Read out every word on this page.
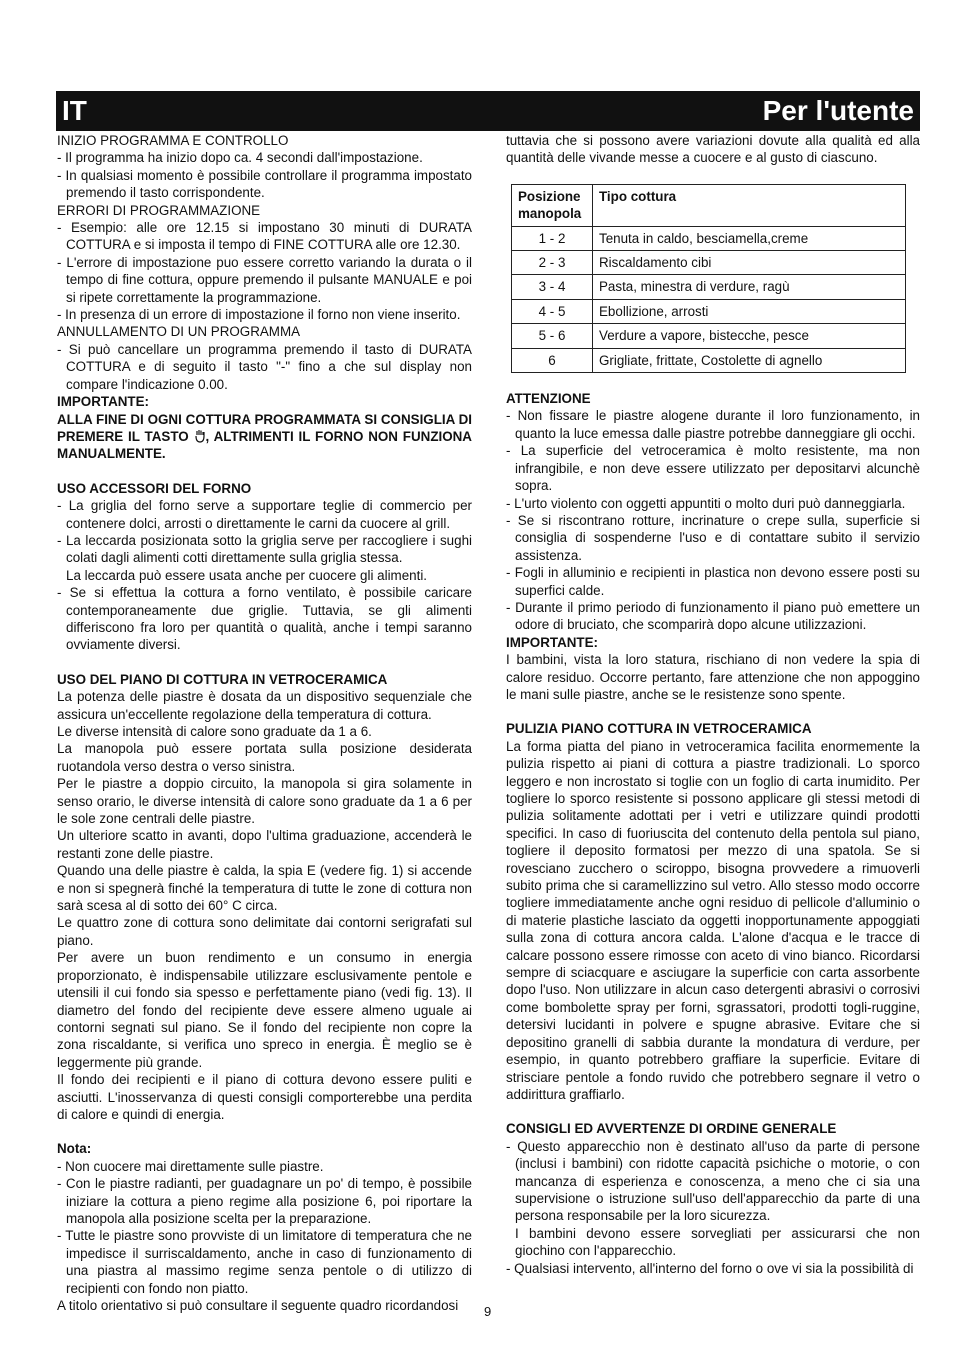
IT	Per l'utente

INIZIO PROGRAMMA E CONTROLLO

- Il programma ha inizio dopo ca. 4 secondi dall'impostazione.

- In qualsiasi momento è possibile controllare il programma impostato premendo il tasto corrispondente.

ERRORI DI PROGRAMMAZIONE

- Esempio: alle ore 12.15 si impostano 30 minuti di DURATA COTTURA e si imposta il tempo di FINE COTTURA alle ore 12.30.

- L'errore di impostazione puo essere corretto variando la durata o il tempo di fine cottura, oppure premendo il pulsante MANUALE e poi si ripete correttamente la programmazione.

- In presenza di un errore di impostazione il forno non viene inserito.

ANNULLAMENTO DI UN PROGRAMMA

- Si può cancellare un programma premendo il tasto di DURATA COTTURA e di seguito il tasto "-" fino a che sul display non compare l'indicazione 0.00.

IMPORTANTE:

ALLA FINE DI OGNI COTTURA PROGRAMMATA SI CONSIGLIA DI PREMERE IL TASTO , ALTRIMENTI IL FORNO NON FUNZIONA MANUALMENTE.

USO ACCESSORI DEL FORNO

- La griglia del forno serve a supportare teglie di commercio per contenere dolci, arrosti o direttamente le carni da cuocere al grill.

- La leccarda posizionata sotto la griglia serve per raccogliere i sughi colati dagli alimenti cotti direttamente sulla griglia stessa.

La leccarda può essere usata anche per cuocere gli alimenti.

- Se si effettua la cottura a forno ventilato, è possibile caricare contemporaneamente due griglie. Tuttavia, se gli alimenti differiscono fra loro per quantità o qualità, anche i tempi saranno ovviamente diversi.

USO DEL PIANO DI COTTURA IN VETROCERAMICA

La potenza delle piastre è dosata da un dispositivo sequenziale che assicura un'eccellente regolazione della temperatura di cottura.

Le diverse intensità di calore sono graduate da 1 a 6.

La manopola può essere portata sulla posizione desiderata ruotandola verso destra o verso sinistra.

Per le piastre a doppio circuito, la manopola si gira solamente in senso orario, le diverse intensità di calore sono graduate da 1 a 6 per le sole zone centrali delle piastre.

Un ulteriore scatto in avanti, dopo l'ultima graduazione, accenderà le restanti zone delle piastre.

Quando una delle piastre è calda, la spia E (vedere fig. 1) si accende e non si spegnerà finché la temperatura di tutte le zone di cottura non sarà scesa al di sotto dei 60° C circa.

Le quattro zone di cottura sono delimitate dai contorni serigrafati sul piano.

Per avere un buon rendimento e un consumo in energia proporzionato, è indispensabile utilizzare esclusivamente pentole e utensili il cui fondo sia spesso e perfettamente piano (vedi fig. 13). Il diametro del fondo del recipiente deve essere almeno uguale ai contorni segnati sul piano. Se il fondo del recipiente non copre la zona riscaldante, si verifica uno spreco in energia. È meglio se è leggermente più grande.

Il fondo dei recipienti e il piano di cottura devono essere puliti e asciutti. L'inosservanza di questi consigli comporterebbe una perdita di calore e quindi di energia.

Nota:

- Non cuocere mai direttamente sulle piastre.

- Con le piastre radianti, per guadagnare un po' di tempo, è possibile iniziare la cottura a pieno regime alla posizione 6, poi riportare la manopola alla posizione scelta per la preparazione.

- Tutte le piastre sono provviste di un limitatore di temperatura che ne impedisce il surriscaldamento, anche in caso di funzionamento di una piastra al massimo regime senza pentole o di utilizzo di recipienti con fondo non piatto.

A titolo orientativo si può consultare il seguente quadro ricordandosi

tuttavia che si possono avere variazioni dovute alla qualità ed alla quantità delle vivande messe a cuocere e al gusto di ciascuno.

Posizione manopola	Tipo cottura
1 - 2	Tenuta in caldo, besciamella,creme
2 - 3	Riscaldamento cibi
3 - 4	Pasta, minestra di verdure, ragù
4 - 5	Ebollizione, arrosti
5 - 6	Verdure a vapore, bistecche, pesce
6	Grigliate, frittate, Costolette di agnello

ATTENZIONE

- Non fissare le piastre alogene durante il loro funzionamento, in quanto la luce emessa dalle piastre potrebbe danneggiare gli occhi.

- La superficie del vetroceramica è molto resistente, ma non infrangibile, e non deve essere utilizzato per depositarvi alcunchè sopra.

- L'urto violento con oggetti appuntiti o molto duri può danneggiarla.

- Se si riscontrano rotture, incrinature o crepe sulla, superficie si consiglia di sospenderne l'uso e di contattare subito il servizio assistenza.

- Fogli in alluminio e recipienti in plastica non devono essere posti su superfici calde.

- Durante il primo periodo di funzionamento il piano può emettere un odore di bruciato, che scomparirà dopo alcune utilizzazioni.

IMPORTANTE:

I bambini, vista la loro statura, rischiano di non vedere la spia di calore residuo. Occorre pertanto, fare attenzione che non appoggino le mani sulle piastre, anche se le resistenze sono spente.

PULIZIA PIANO COTTURA IN VETROCERAMICA

La forma piatta del piano in vetroceramica facilita enormemente la pulizia rispetto ai piani di cottura a piastre tradizionali. Lo sporco leggero e non incrostato si toglie con un foglio di carta inumidito. Per togliere lo sporco resistente si possono applicare gli stessi metodi di pulizia solitamente adottati per i vetri e utilizzare quindi prodotti specifici. In caso di fuoriuscita del contenuto della pentola sul piano, togliere il deposito formatosi per mezzo di una spatola. Se si rovesciano zucchero o sciroppo, bisogna provvedere a rimuoverli subito prima che si caramellizzino sul vetro. Allo stesso modo occorre togliere immediatamente anche ogni residuo di pellicole d'alluminio o di materie plastiche lasciato da oggetti inopportunamente appoggiati sulla zona di cottura ancora calda. L'alone d'acqua e le tracce di calcare possono essere rimosse con aceto di vino bianco. Ricordarsi sempre di sciacquare e asciugare la superficie con carta assorbente dopo l'uso. Non utilizzare in alcun caso detergenti abrasivi o corrosivi come bombolette spray per forni, sgrassatori, prodotti togli-ruggine, detersivi lucidanti in polvere e spugne abrasive. Evitare che si depositino granelli di sabbia durante la mondatura di verdure, per esempio, in quanto potrebbero graffiare la superficie. Evitare di strisciare pentole a fondo ruvido che potrebbero segnare il vetro o addirittura graffiarlo.

CONSIGLI ED AVVERTENZE DI ORDINE GENERALE

- Questo apparecchio non è destinato all'uso da parte di persone (inclusi i bambini) con ridotte capacità psichiche o motorie, o con mancanza di esperienza e conoscenza, a meno che ci sia una supervisione o istruzione sull'uso dell'apparecchio da parte di una persona responsabile per la loro sicurezza.

I bambini devono essere sorvegliati per assicurarsi che non giochino con l'apparecchio.

- Qualsiasi intervento, all'interno del forno o ove vi sia la possibilità di

9
